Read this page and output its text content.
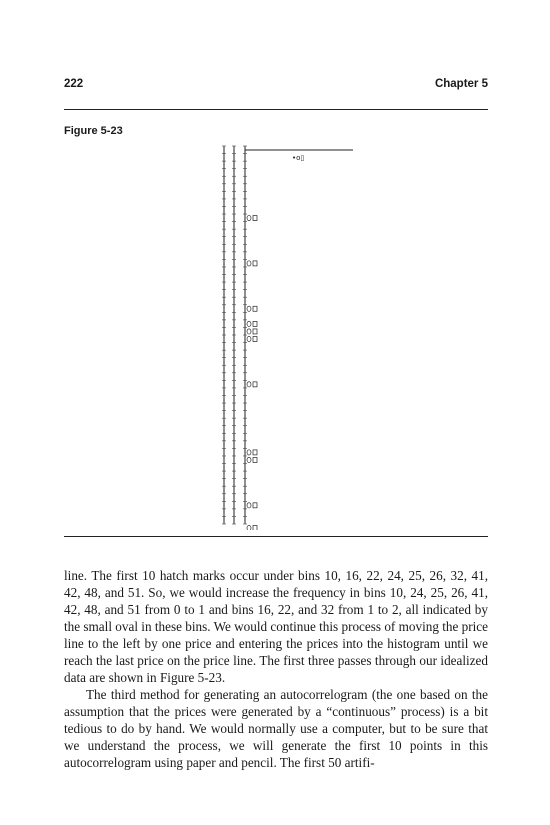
222	Chapter 5
Figure 5-23
•o▯

line. The first 10 hatch marks occur under bins 10, 16, 22, 24, 25, 26, 32, 41, 42, 48, and 51. So, we would increase the frequency in bins 10, 24, 25, 26, 41, 42, 48, and 51 from 0 to 1 and bins 16, 22, and 32 from 1 to 2, all indicated by the small oval in these bins. We would continue this process of moving the price line to the left by one price and entering the prices into the histogram until we reach the last price on the price line. The first three passes through our idealized data are shown in Figure 5-23.

The third method for generating an autocorrelogram (the one based on the assumption that the prices were generated by a “continuous” process) is a bit tedious to do by hand. We would normally use a computer, but to be sure that we understand the process, we will generate the first 10 points in this autocorrelogram using paper and pencil. The first 50 artifi-
